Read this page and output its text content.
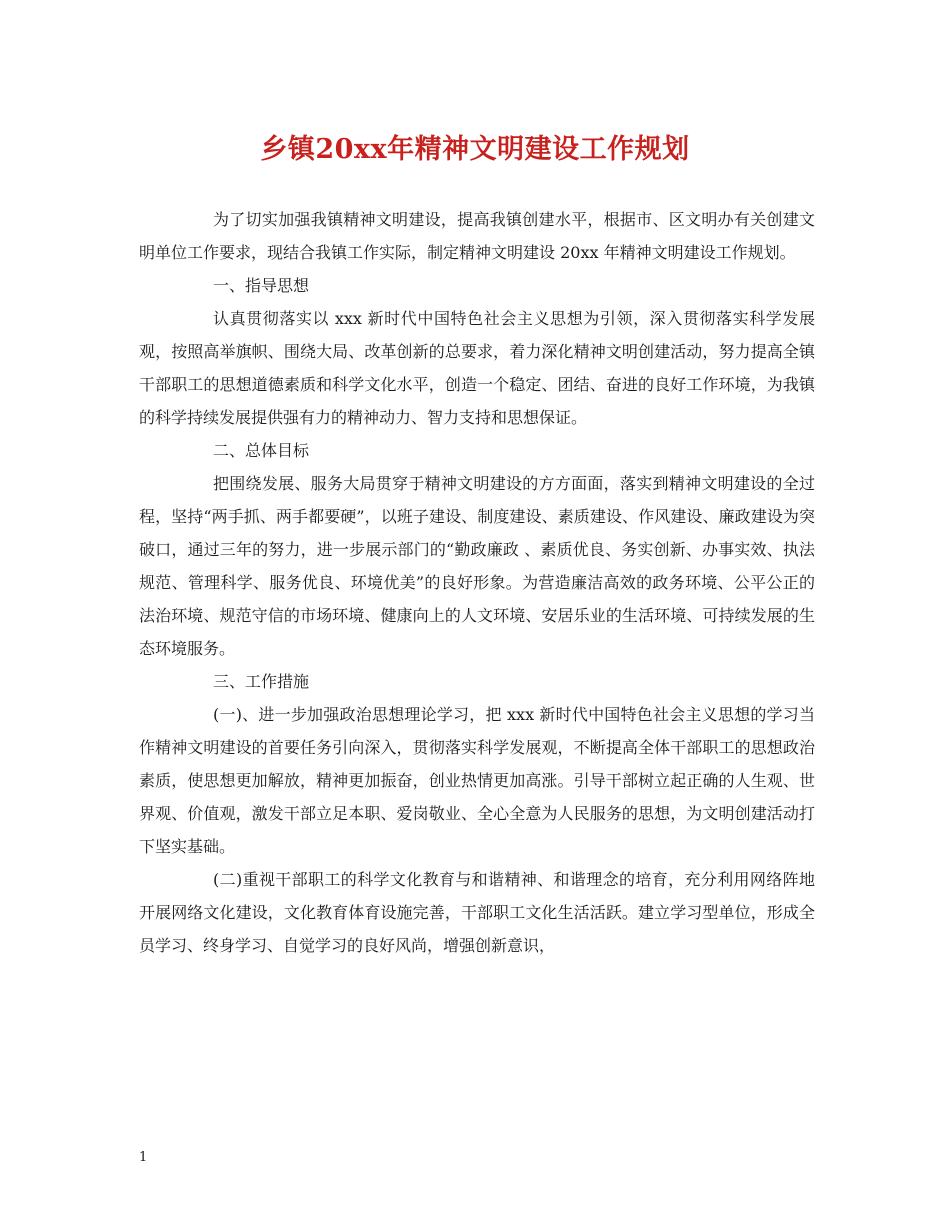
乡镇20xx年精神文明建设工作规划

为了切实加强我镇精神文明建设，提高我镇创建水平，根据市、区文明办有关创建文明单位工作要求，现结合我镇工作实际，制定精神文明建设 20xx 年精神文明建设工作规划。

一、指导思想

认真贯彻落实以 xxx 新时代中国特色社会主义思想为引领，深入贯彻落实科学发展观，按照高举旗帜、围绕大局、改革创新的总要求，着力深化精神文明创建活动，努力提高全镇干部职工的思想道德素质和科学文化水平，创造一个稳定、团结、奋进的良好工作环境，为我镇的科学持续发展提供强有力的精神动力、智力支持和思想保证。

二、总体目标

把围绕发展、服务大局贯穿于精神文明建设的方方面面，落实到精神文明建设的全过程，坚持“两手抓、两手都要硬”，以班子建设、制度建设、素质建设、作风建设、廉政建设为突破口，通过三年的努力，进一步展示部门的“勤政廉政 、素质优良、务实创新、办事实效、执法规范、管理科学、服务优良、环境优美”的良好形象。为营造廉洁高效的政务环境、公平公正的法治环境、规范守信的市场环境、健康向上的人文环境、安居乐业的生活环境、可持续发展的生态环境服务。

三、工作措施

(一)、进一步加强政治思想理论学习，把 xxx 新时代中国特色社会主义思想的学习当作精神文明建设的首要任务引向深入，贯彻落实科学发展观，不断提高全体干部职工的思想政治素质，使思想更加解放，精神更加振奋，创业热情更加高涨。引导干部树立起正确的人生观、世界观、价值观，激发干部立足本职、爱岗敬业、全心全意为人民服务的思想，为文明创建活动打下坚实基础。

(二)重视干部职工的科学文化教育与和谐精神、和谐理念的培育，充分利用网络阵地开展网络文化建设，文化教育体育设施完善，干部职工文化生活活跃。建立学习型单位，形成全员学习、终身学习、自觉学习的良好风尚，增强创新意识，

1
